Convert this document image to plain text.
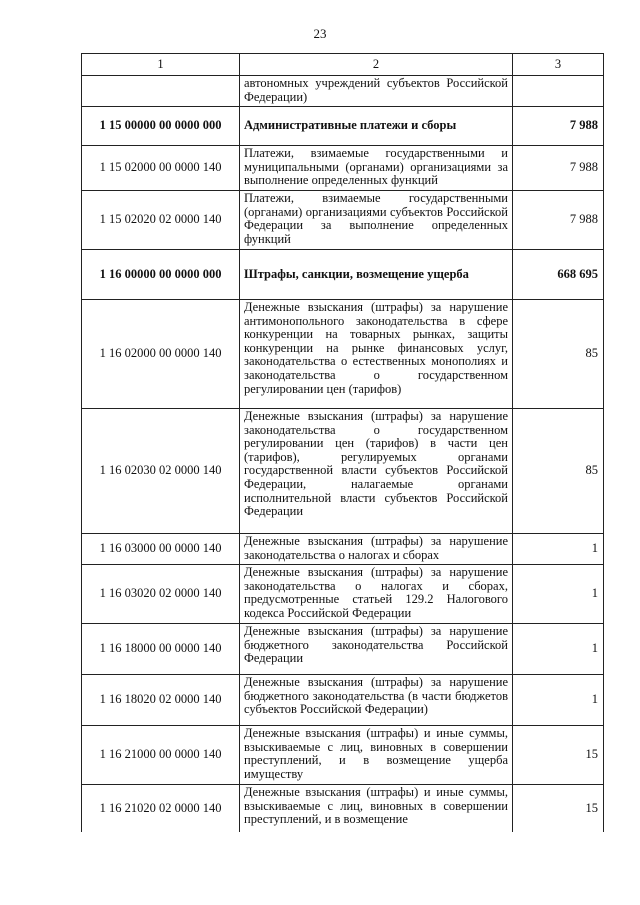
23
1	2	3
	автономных учреждений субъектов Российской Федерации)	
1 15 00000 00 0000 000	Административные платежи и сборы	7 988
1 15 02000 00 0000 140	Платежи, взимаемые государственными и муниципальными (органами) организациями за выполнение определенных функций	7 988
1 15 02020 02 0000 140	Платежи, взимаемые государственными (органами) организациями субъектов Российской Федерации за выполнение определенных функций	7 988
1 16 00000 00 0000 000	Штрафы, санкции, возмещение ущерба	668 695
1 16 02000 00 0000 140	Денежные взыскания (штрафы) за нарушение антимонопольного законодательства в сфере конкуренции на товарных рынках, защиты конкуренции на рынке финансовых услуг, законодательства о естественных монополиях и законодательства о государственном регулировании цен (тарифов)	85
1 16 02030 02 0000 140	Денежные взыскания (штрафы) за нарушение законодательства о государственном регулировании цен (тарифов) в части цен (тарифов), регулируемых органами государственной власти субъектов Российской Федерации, налагаемые органами исполнительной власти субъектов Российской Федерации	85
1 16 03000 00 0000 140	Денежные взыскания (штрафы) за нарушение законодательства о налогах и сборах	1
1 16 03020 02 0000 140	Денежные взыскания (штрафы) за нарушение законодательства о налогах и сборах, предусмотренные статьей 129.2 Налогового кодекса Российской Федерации	1
1 16 18000 00 0000 140	Денежные взыскания (штрафы) за нарушение бюджетного законодательства Российской Федерации	1
1 16 18020 02 0000 140	Денежные взыскания (штрафы) за нарушение бюджетного законодательства (в части бюджетов субъектов Российской Федерации)	1
1 16 21000 00 0000 140	Денежные взыскания (штрафы) и иные суммы, взыскиваемые с лиц, виновных в совершении преступлений, и в возмещение ущерба имуществу	15
1 16 21020 02 0000 140	Денежные взыскания (штрафы) и иные суммы, взыскиваемые с лиц, виновных в совершении преступлений, и в возмещение	15
